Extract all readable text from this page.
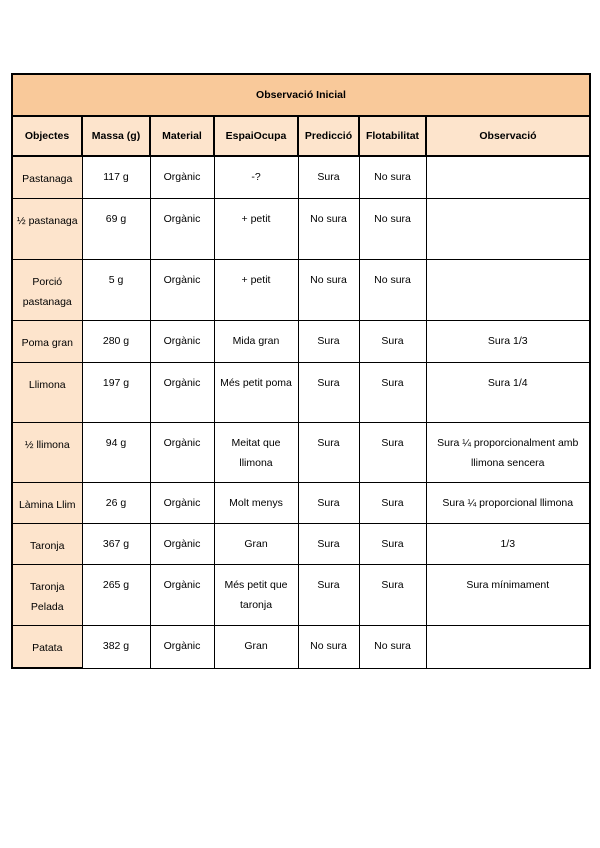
Observació Inicial						
Objectes	Massa (g)	Material	EspaiOcupa	Predicció	Flotabilitat	Observació

Pastanaga	117 g	Orgànic	-?	Sura	No sura	

½ pastanaga	69 g	Orgànic	+ petit	No sura	No sura	

Porció pastanaga	5 g	Orgànic	+ petit	No sura	No sura	

Poma gran	280 g	Orgànic	Mida gran	Sura	Sura	Sura 1/3

Llimona	197 g	Orgànic	Més petit poma	Sura	Sura	Sura 1/4

½ llimona	94 g	Orgànic	Meitat que llimona	Sura	Sura	Sura ¼ proporcionalment amb llimona sencera

Làmina Llim	26 g	Orgànic	Molt menys	Sura	Sura	Sura ¼ proporcional llimona

Taronja	367 g	Orgànic	Gran	Sura	Sura	1/3

Taronja Pelada	265 g	Orgànic	Més petit que taronja	Sura	Sura	Sura mínimament

Patata	382 g	Orgànic	Gran	No sura	No sura	
